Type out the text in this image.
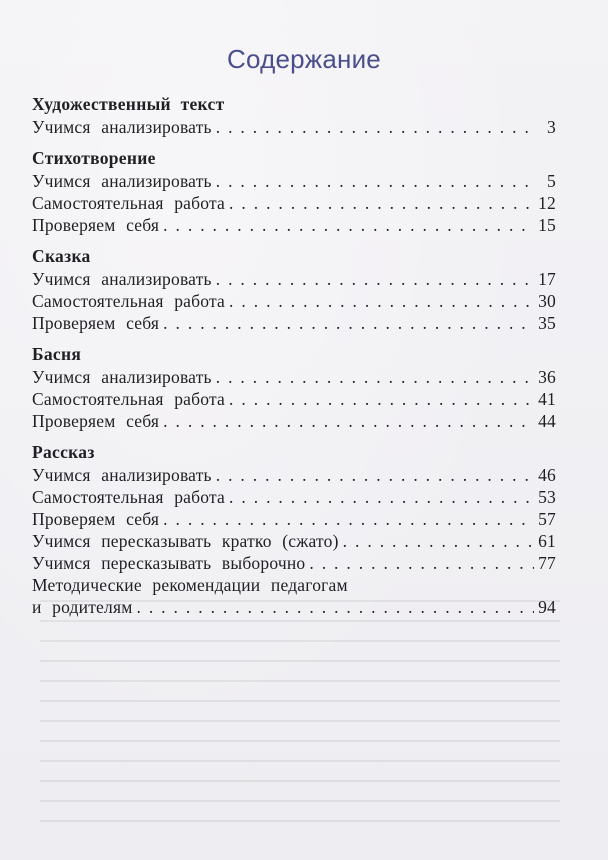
Содержание
Художественный текст
Учимся анализировать . . .	3
Стихотворение
Учимся анализировать . . .	5
Самостоятельная работа . . .	12
Проверяем себя . . .	15
Сказка
Учимся анализировать . . .	17
Самостоятельная работа . . .	30
Проверяем себя . . .	35
Басня
Учимся анализировать . . .	36
Самостоятельная работа . . .	41
Проверяем себя . . .	44
Рассказ
Учимся анализировать . . .	46
Самостоятельная работа . . .	53
Проверяем себя . . .	57
Учимся пересказывать кратко (сжато) . . .	61
Учимся пересказывать выборочно . . .	77
Методические рекомендации педагогам
и родителям . . .	94
